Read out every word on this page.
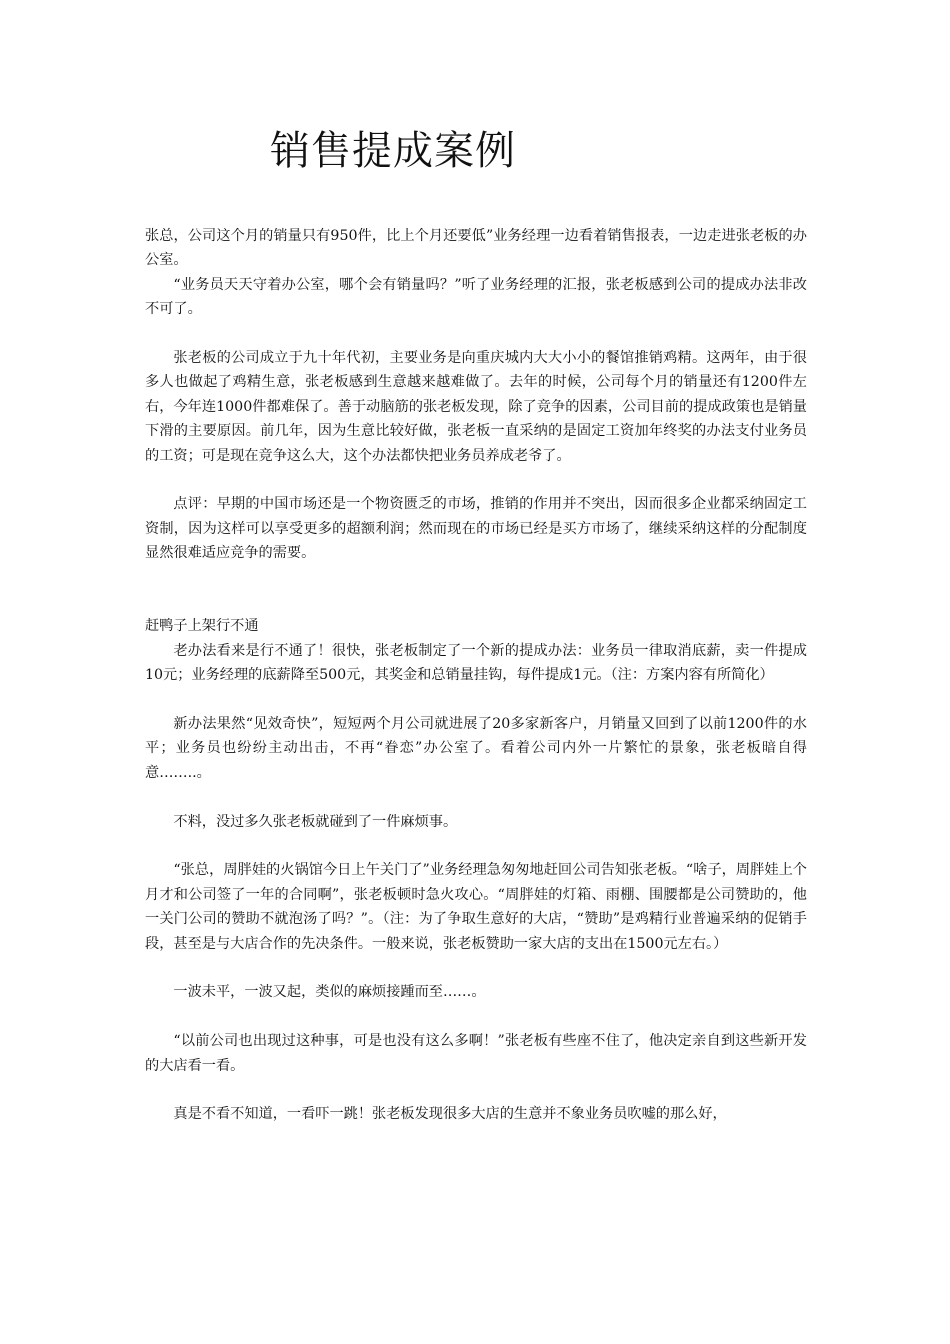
销售提成案例

张总，公司这个月的销量只有950件，比上个月还要低”业务经理一边看着销售报表，一边走进张老板的办公室。

“业务员天天守着办公室，哪个会有销量吗？”听了业务经理的汇报，张老板感到公司的提成办法非改不可了。

张老板的公司成立于九十年代初，主要业务是向重庆城内大大小小的餐馆推销鸡精。这两年，由于很多人也做起了鸡精生意，张老板感到生意越来越难做了。去年的时候，公司每个月的销量还有1200件左右，今年连1000件都难保了。善于动脑筋的张老板发现，除了竞争的因素，公司目前的提成政策也是销量下滑的主要原因。前几年，因为生意比较好做，张老板一直采纳的是固定工资加年终奖的办法支付业务员的工资；可是现在竞争这么大，这个办法都快把业务员养成老爷了。

点评：早期的中国市场还是一个物资匮乏的市场，推销的作用并不突出，因而很多企业都采纳固定工资制，因为这样可以享受更多的超额利润；然而现在的市场已经是买方市场了，继续采纳这样的分配制度显然很难适应竞争的需要。

赶鸭子上架行不通

老办法看来是行不通了！很快，张老板制定了一个新的提成办法：业务员一律取消底薪，卖一件提成10元；业务经理的底薪降至500元，其奖金和总销量挂钩，每件提成1元。（注：方案内容有所简化）

新办法果然“见效奇快”，短短两个月公司就进展了20多家新客户，月销量又回到了以前1200件的水平；业务员也纷纷主动出击，不再“眷恋”办公室了。看着公司内外一片繁忙的景象，张老板暗自得意……..。

不料，没过多久张老板就碰到了一件麻烦事。

“张总，周胖娃的火锅馆今日上午关门了”业务经理急匆匆地赶回公司告知张老板。“啥子，周胖娃上个月才和公司签了一年的合同啊”，张老板顿时急火攻心。“周胖娃的灯箱、雨棚、围腰都是公司赞助的，他一关门公司的赞助不就泡汤了吗？”。（注：为了争取生意好的大店，“赞助”是鸡精行业普遍采纳的促销手段，甚至是与大店合作的先决条件。一般来说，张老板赞助一家大店的支出在1500元左右。）

一波未平，一波又起，类似的麻烦接踵而至……。

“以前公司也出现过这种事，可是也没有这么多啊！”张老板有些座不住了，他决定亲自到这些新开发的大店看一看。

真是不看不知道，一看吓一跳！张老板发现很多大店的生意并不象业务员吹嘘的那么好，
